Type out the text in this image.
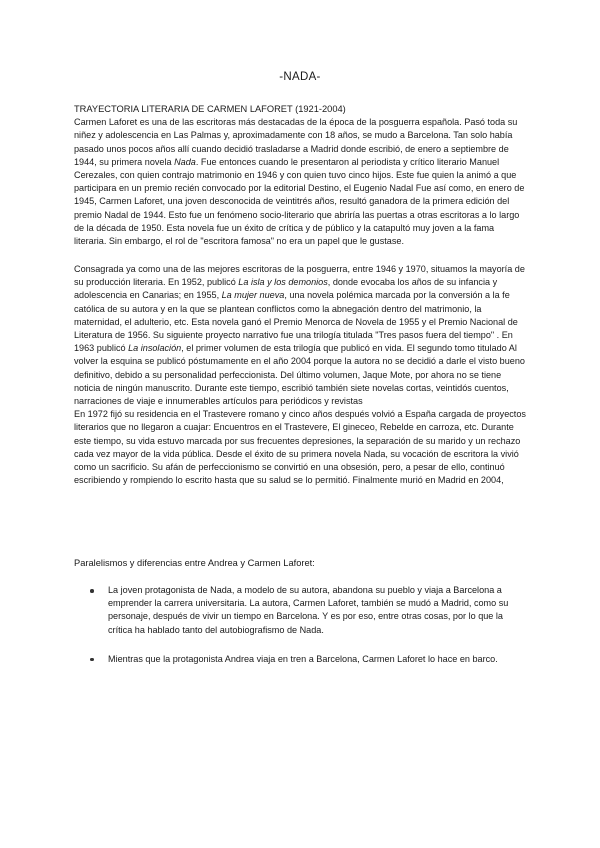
-NADA-

TRAYECTORIA LITERARIA DE CARMEN LAFORET (1921-2004)

Carmen Laforet es una de las escritoras más destacadas de la época de la posguerra española. Pasó toda su niñez y adolescencia en Las Palmas y, aproximadamente con 18 años, se mudo a Barcelona. Tan solo había pasado unos pocos años allí cuando decidió trasladarse a Madrid donde escribió, de enero a septiembre de 1944, su primera novela Nada. Fue entonces cuando le presentaron al periodista y crítico literario Manuel Cerezales, con quien contrajo matrimonio en 1946 y con quien tuvo cinco hijos. Este fue quien la animó a que participara en un premio recién convocado por la editorial Destino, el Eugenio Nadal Fue así como, en enero de 1945, Carmen Laforet, una joven desconocida de veintitrés años, resultó ganadora de la primera edición del premio Nadal de 1944. Esto fue un fenómeno socio-literario que abriría las puertas a otras escritoras a lo largo de la década de 1950. Esta novela fue un éxito de crítica y de público y la catapultó muy joven a la fama literaria. Sin embargo, el rol de "escritora famosa" no era un papel que le gustase.

Consagrada ya como una de las mejores escritoras de la posguerra, entre 1946 y 1970, situamos la mayoría de su producción literaria. En 1952, publicó La isla y los demonios, donde evocaba los años de su infancia y adolescencia en Canarias; en 1955, La mujer nueva, una novela polémica marcada por la conversión a la fe católica de su autora y en la que se plantean conflictos como la abnegación dentro del matrimonio, la maternidad, el adulterio, etc. Esta novela ganó el Premio Menorca de Novela de 1955 y el Premio Nacional de Literatura de 1956. Su siguiente proyecto narrativo fue una trilogía titulada "Tres pasos fuera del tiempo" . En 1963 publicó La insolación, el primer volumen de esta trilogía que publicó en vida. El segundo tomo titulado Al volver la esquina se publicó póstumamente en el año 2004 porque la autora no se decidió a darle el visto bueno definitivo, debido a su personalidad perfeccionista. Del último volumen, Jaque Mote, por ahora no se tiene noticia de ningún manuscrito. Durante este tiempo, escribió también siete novelas cortas, veintidós cuentos, narraciones de viaje e innumerables artículos para periódicos y revistas

En 1972 fijó su residencia en el Trastevere romano y cinco años después volvió a España cargada de proyectos literarios que no llegaron a cuajar: Encuentros en el Trastevere, El gineceo, Rebelde en carroza, etc. Durante este tiempo, su vida estuvo marcada por sus frecuentes depresiones, la separación de su marido y un rechazo cada vez mayor de la vida pública. Desde el éxito de su primera novela Nada, su vocación de escritora la vivió como un sacrificio. Su afán de perfeccionismo se convirtió en una obsesión, pero, a pesar de ello, continuó escribiendo y rompiendo lo escrito hasta que su salud se lo permitió. Finalmente murió en Madrid en 2004,

Paralelismos y diferencias entre Andrea y Carmen Laforet:
La joven protagonista de Nada, a modelo de su autora, abandona su pueblo y viaja a Barcelona a emprender la carrera universitaria. La autora, Carmen Laforet, también se mudó a Madrid, como su personaje, después de vivir un tiempo en Barcelona. Y es por eso, entre otras cosas, por lo que la crítica ha hablado tanto del autobiografismo de Nada.
Mientras que la protagonista Andrea viaja en tren a Barcelona, Carmen Laforet lo hace en barco.
